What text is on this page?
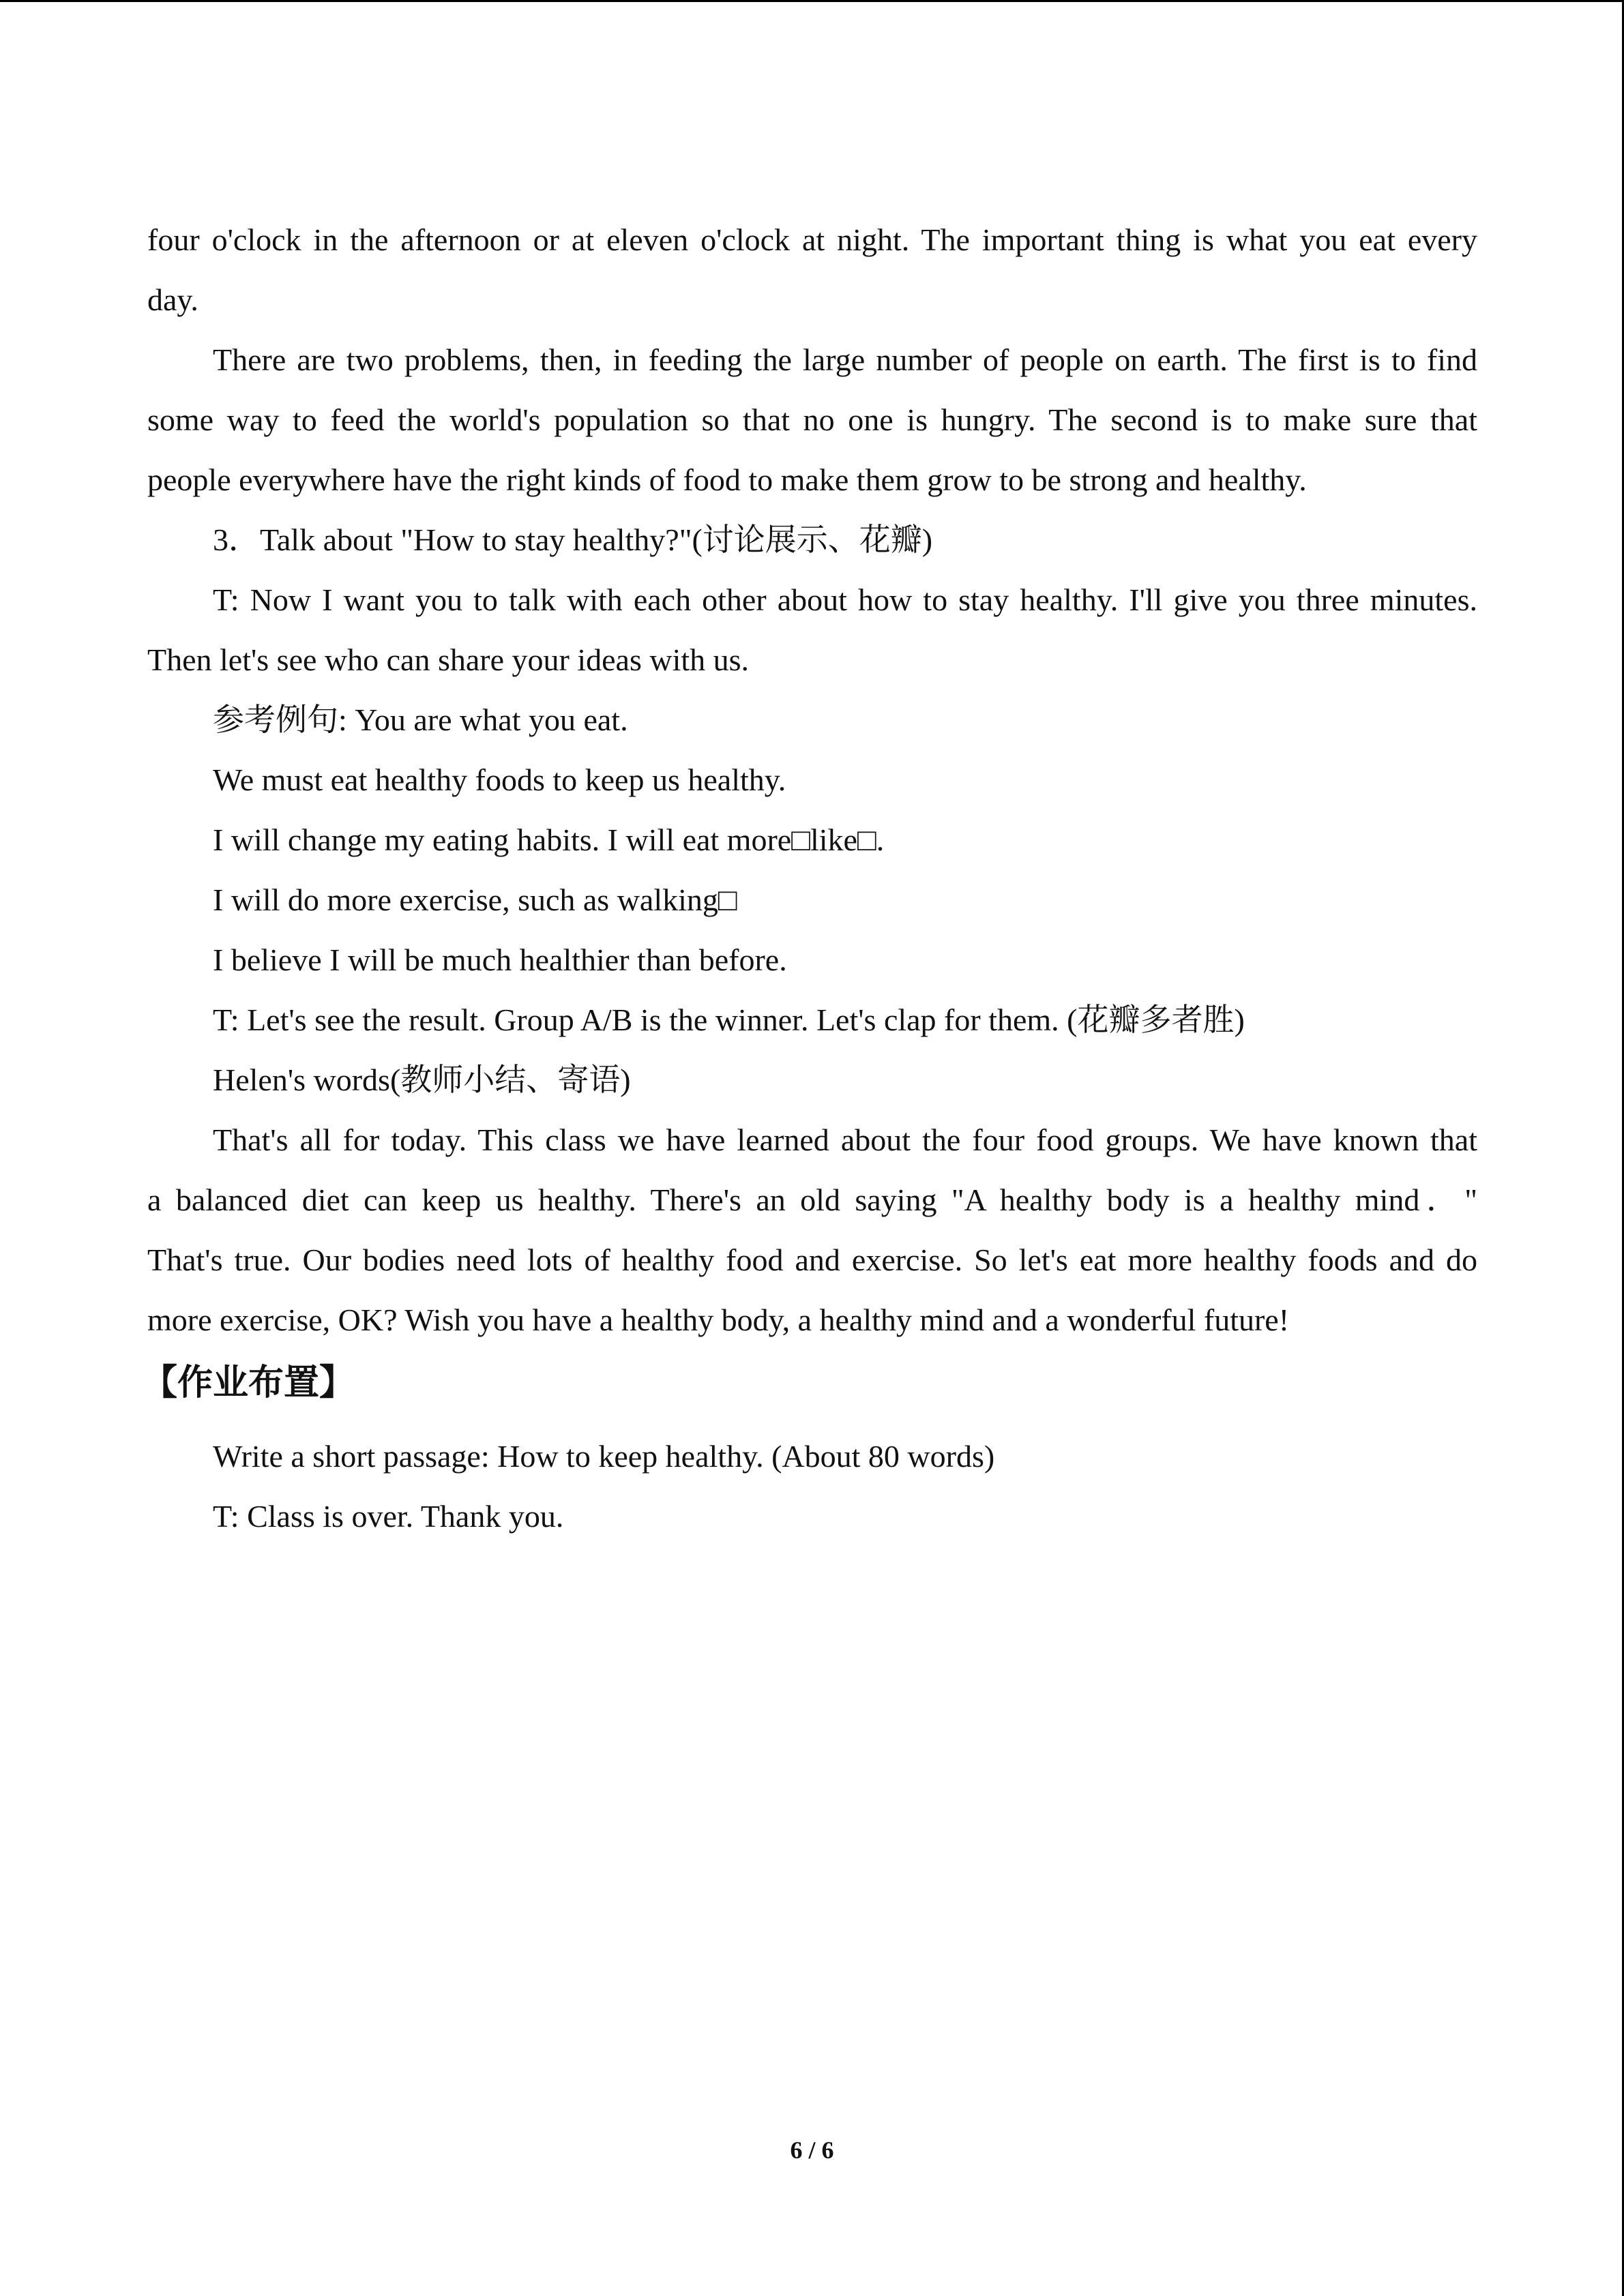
four o'clock in the afternoon or at eleven o'clock at night. The important thing is what you eat every
day.
There are two problems, then, in feeding the large number of people on earth. The first is to find
some way to feed the world's population so that no one is hungry. The second is to make sure that
people everywhere have the right kinds of food to make them grow to be strong and healthy.
3．Talk about "How to stay healthy?"(讨论展示、花瓣)
T: Now I want you to talk with each other about how to stay healthy. I'll give you three minutes.
Then let's see who can share your ideas with us.
参考例句: You are what you eat.
We must eat healthy foods to keep us healthy.
I will change my eating habits. I will eat more□like□.
I will do more exercise, such as walking□
I believe I will be much healthier than before.
T: Let's see the result. Group A/B is the winner. Let's clap for them. (花瓣多者胜)
Helen's words(教师小结、寄语)
That's all for today. This class we have learned about the four food groups. We have known that
a balanced diet can keep us healthy. There's an old saying "A healthy body is a healthy mind．"
That's true. Our bodies need lots of healthy food and exercise. So let's eat more healthy foods and do
more exercise, OK? Wish you have a healthy body, a healthy mind and a wonderful future!
【作业布置】
Write a short passage: How to keep healthy. (About 80 words)
T: Class is over. Thank you.
6 / 6
